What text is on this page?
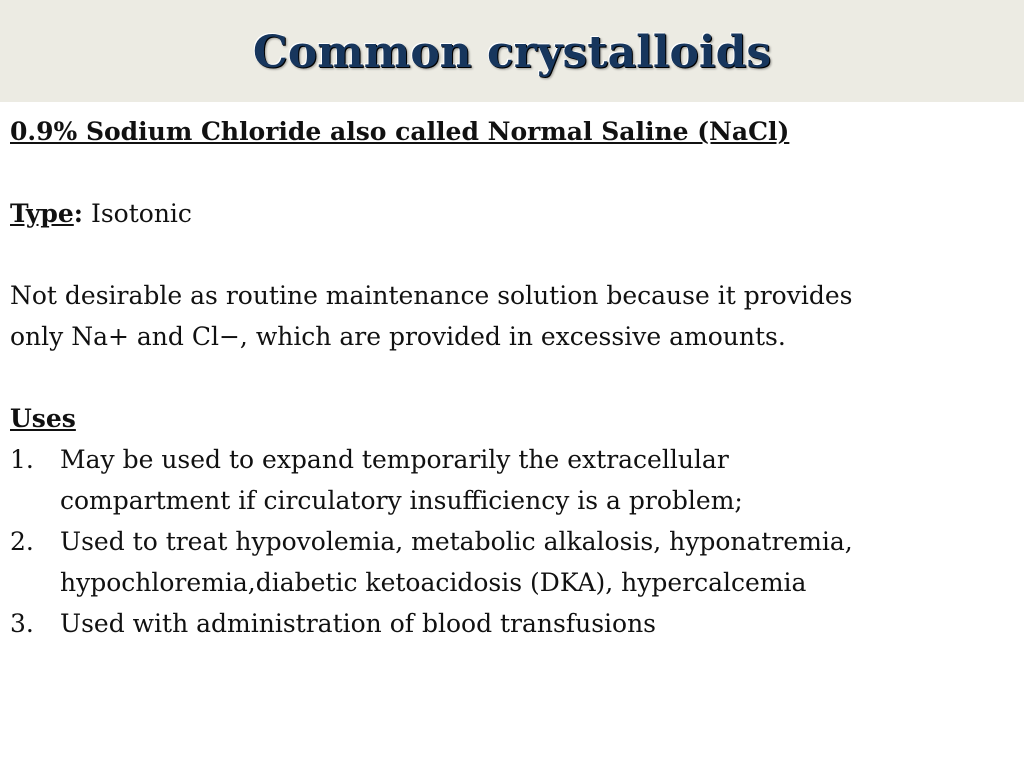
Common crystalloids
0.9% Sodium Chloride also called Normal Saline (NaCl)
Type: Isotonic
Not desirable as routine maintenance solution because it provides
only Na+ and Cl−, which are provided in excessive amounts.
Uses
1.	May be used to expand temporarily the extracellular
compartment if circulatory insufficiency is a problem;
2.	Used to treat hypovolemia, metabolic alkalosis, hyponatremia,
hypochloremia,diabetic ketoacidosis (DKA), hypercalcemia
3.	Used with administration of blood transfusions
